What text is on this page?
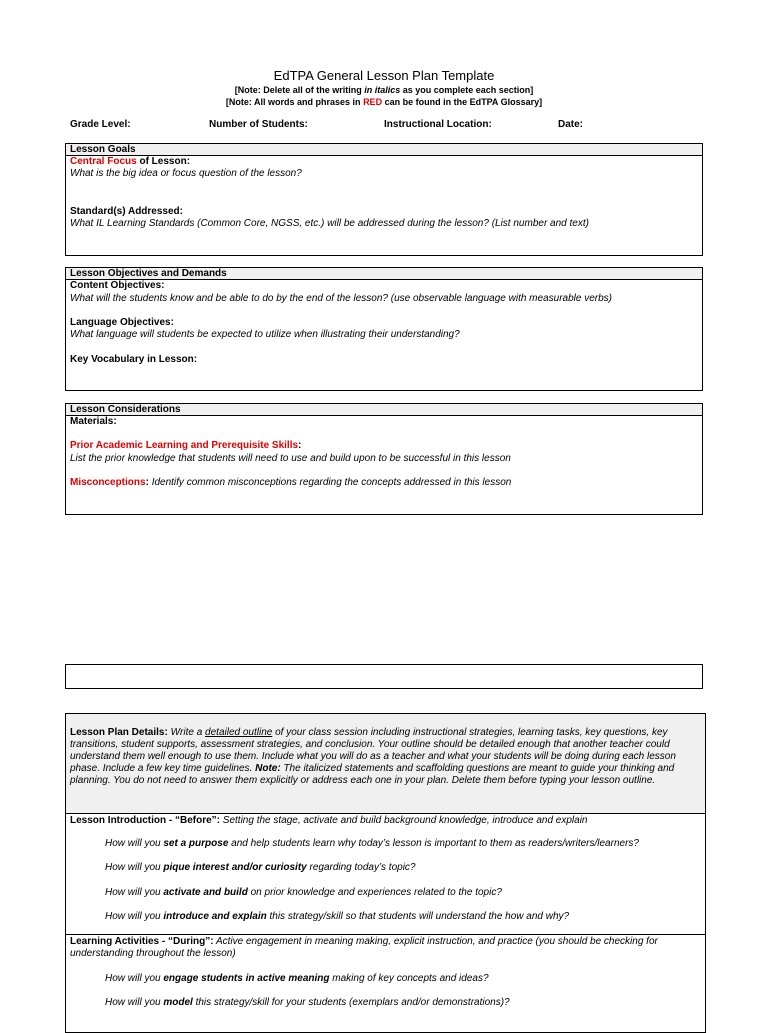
EdTPA General Lesson Plan Template
[Note: Delete all of the writing in italics as you complete each section]
[Note: All words and phrases in RED can be found in the EdTPA Glossary]
Grade Level:	Number of Students:	Instructional Location:	Date:
Lesson Goals
Central Focus of Lesson:
What is the big idea or focus question of the lesson?
Standard(s) Addressed:
What IL Learning Standards (Common Core, NGSS, etc.) will be addressed during the lesson? (List number and text)
Lesson Objectives and Demands
Content Objectives:
What will the students know and be able to do by the end of the lesson? (use observable language with measurable verbs)
Language Objectives:
What language will students be expected to utilize when illustrating their understanding?
Key Vocabulary in Lesson:
Lesson Considerations
Materials:
Prior Academic Learning and Prerequisite Skills:
List the prior knowledge that students will need to use and build upon to be successful in this lesson
Misconceptions: Identify common misconceptions regarding the concepts addressed in this lesson
Lesson Plan Details: Write a detailed outline of your class session including instructional strategies, learning tasks, key questions, key transitions, student supports, assessment strategies, and conclusion. Your outline should be detailed enough that another teacher could understand them well enough to use them. Include what you will do as a teacher and what your students will be doing during each lesson phase. Include a few key time guidelines. Note: The italicized statements and scaffolding questions are meant to guide your thinking and planning. You do not need to answer them explicitly or address each one in your plan. Delete them before typing your lesson outline.
Lesson Introduction - “Before”: Setting the stage, activate and build background knowledge, introduce and explain
How will you set a purpose and help students learn why today’s lesson is important to them as readers/writers/learners?
How will you pique interest and/or curiosity regarding today’s topic?
How will you activate and build on prior knowledge and experiences related to the topic?
How will you introduce and explain this strategy/skill so that students will understand the how and why?
Learning Activities - “During”: Active engagement in meaning making, explicit instruction, and practice (you should be checking for understanding throughout the lesson)
How will you engage students in active meaning making of key concepts and ideas?
How will you model this strategy/skill for your students (exemplars and/or demonstrations)?
